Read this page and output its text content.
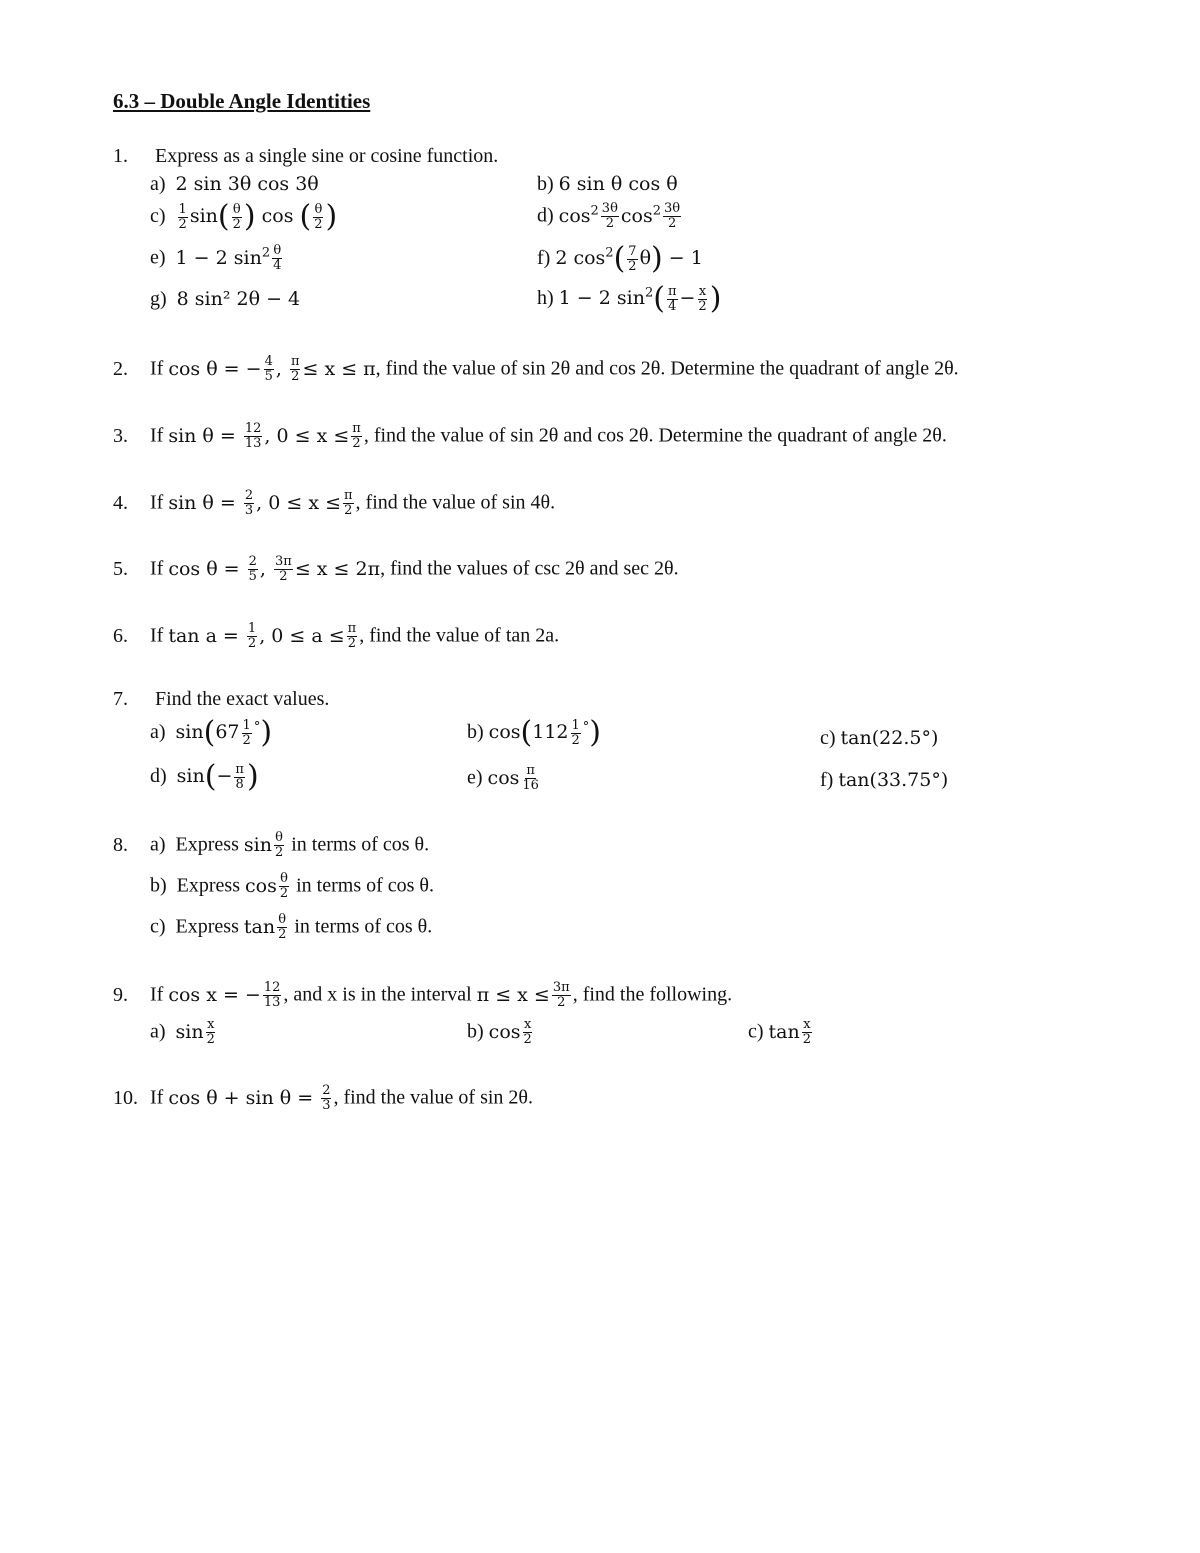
6.3 – Double Angle Identities
1. Express as a single sine or cosine function.
a) 2 sin 3θ cos 3θ	b) 6 sin θ cos θ
$c) \frac{1}{2} \sin( \frac{\theta}{2}$ ) cos ( $\frac{\theta}{2}$ )	d) $\cos^2 \frac{3\theta}{2} \cos^2 \frac{3\theta}{2}$
e) 1 − 2 $\sin^2 \frac{\theta}{4}$	f) 2 $\cos^2( \frac{7}{2} \theta) - 1$
g) 8 sin² 2θ − 4	h) 1 − 2 $\sin^2( \frac{\pi}{4} - \frac{x}{2}$ )
2. If cos θ = − $\frac{4}{5}$ , $\frac{\pi}{2} \le x \le \pi$, find the value of sin 2θ and cos 2θ. Determine the quadrant of angle 2θ.
3. If $\sin \theta = \frac{12}{13}$ , $0 \le x \le \frac{\pi}{2}$ , find the value of sin 2θ and cos 2θ. Determine the quadrant of angle 2θ.
4. If $\sin \theta = \frac{2}{3}$ , $0 \le x \le \frac{\pi}{2}$ , find the value of sin 4θ.
5. If $\cos \theta = \frac{2}{5}$ , $\frac{3\pi}{2} \le x \le 2\pi$, find the values of csc 2θ and sec 2θ.
6. If $\tan a = \frac{1}{2}$ , $0 \le a \le \frac{\pi}{2}$ , find the value of tan 2a.
7. Find the exact values.
a) $\sin(67 \frac{1}{2} ^\circ)$	b) $\cos(112 \frac{1}{2} ^\circ)$	c) tan(22.5°)
d) $\sin(- \frac{\pi}{8}$ )	e) $\cos \frac{\pi}{16}$	f) tan(33.75°)
8. a) Express $\sin \frac{\theta}{2}$ in terms of cos θ.
b) Express $\cos \frac{\theta}{2}$ in terms of cos θ.
c) Express $\tan \frac{\theta}{2}$ in terms of cos θ.
9. If cos x = − $\frac{12}{13}$ , and x is in the interval $\pi \le x \le \frac{3\pi}{2}$ , find the following.
a) $\sin \frac{x}{2}$	b) $\cos \frac{x}{2}$	c) $\tan \frac{x}{2}$
10. If $\cos \theta + \sin \theta = \frac{2}{3}$ , find the value of sin 2θ.
